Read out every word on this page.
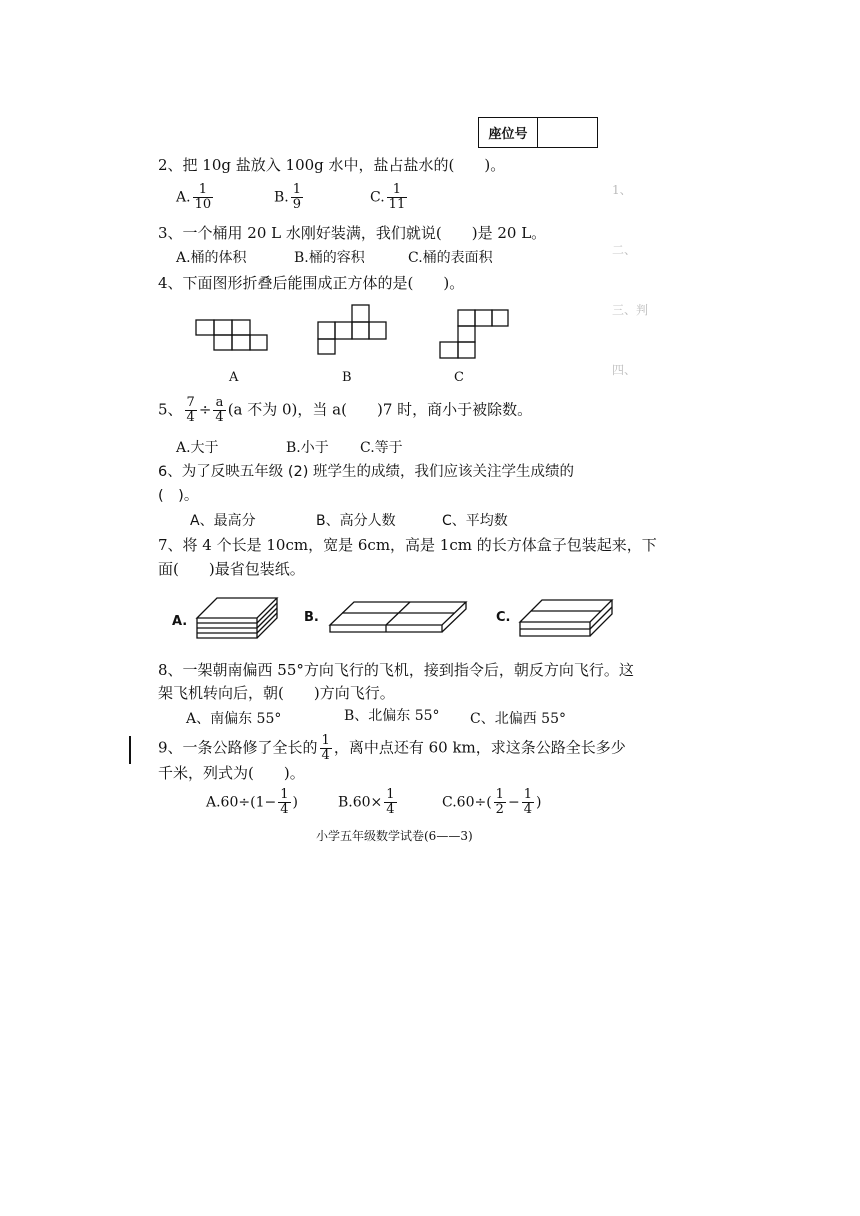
座位号
1、
二、
三、判
四、
2、把 10g 盐放入 100g 水中，盐占盐水的(　　)。
A. $\frac{1}{10}$	B. $\frac{1}{9}$	C. $\frac{1}{11}$
3、一个桶用 20 L 水刚好装满，我们就说(　　)是 20 L。
A.桶的体积	B.桶的容积	C.桶的表面积
4、下面图形折叠后能围成正方体的是(　　)。
A	B	C
5、 $\frac{7}{4} \div \frac{a}{4} (a$ 不为 0)，当 a(　　)7 时，商小于被除数。
A.大于	B.小于 C.等于
6、为了反映五年级 (2) 班学生的成绩，我们应该关注学生成绩的
(　)。
A、最高分	B、高分人数	C、平均数
7、将 4 个长是 10cm，宽是 6cm，高是 1cm 的长方体盒子包装起来，下
面(　　)最省包装纸。
A.	B.	C.
8、一架朝南偏西 55°方向飞行的飞机，接到指令后，朝反方向飞行。这
架飞机转向后，朝(　　)方向飞行。
A、南偏东 55°	B、北偏东 55° C、北偏西 55°
9、一条公路修了全长的 $\frac{1}{4}$ ，离中点还有 60 km，求这条公路全长多少
千米，列式为(　　)。
$A.60\div(1- \frac{1}{4}$ )	$B.60\times \frac{1}{4}$	$C.60\div( \frac{1}{2} - \frac{1}{4}$ )
小学五年级数学试卷(6——3)
